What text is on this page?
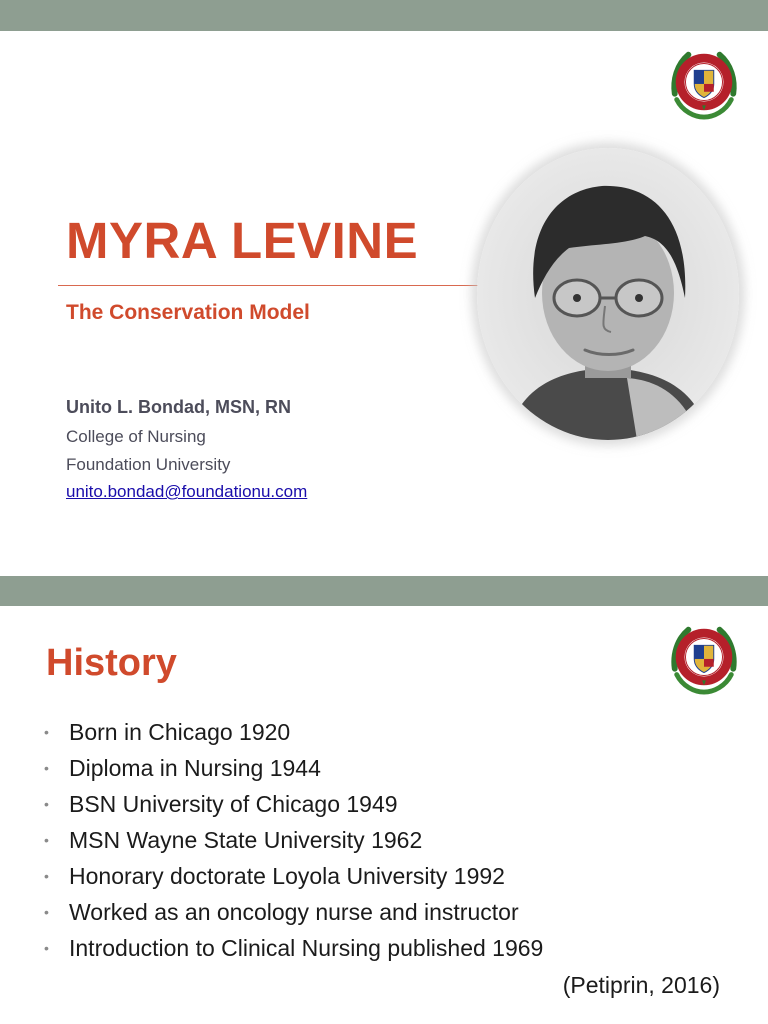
MYRA LEVINE
The Conservation Model
Unito L. Bondad, MSN, RN
College of Nursing
Foundation University
unito.bondad@foundationu.com
History
• Born in Chicago 1920
• Diploma in Nursing 1944
• BSN University of Chicago 1949
• MSN Wayne State University 1962
• Honorary doctorate Loyola University 1992
• Worked as an oncology nurse and instructor
• Introduction to Clinical Nursing published 1969
(Petiprin, 2016)
